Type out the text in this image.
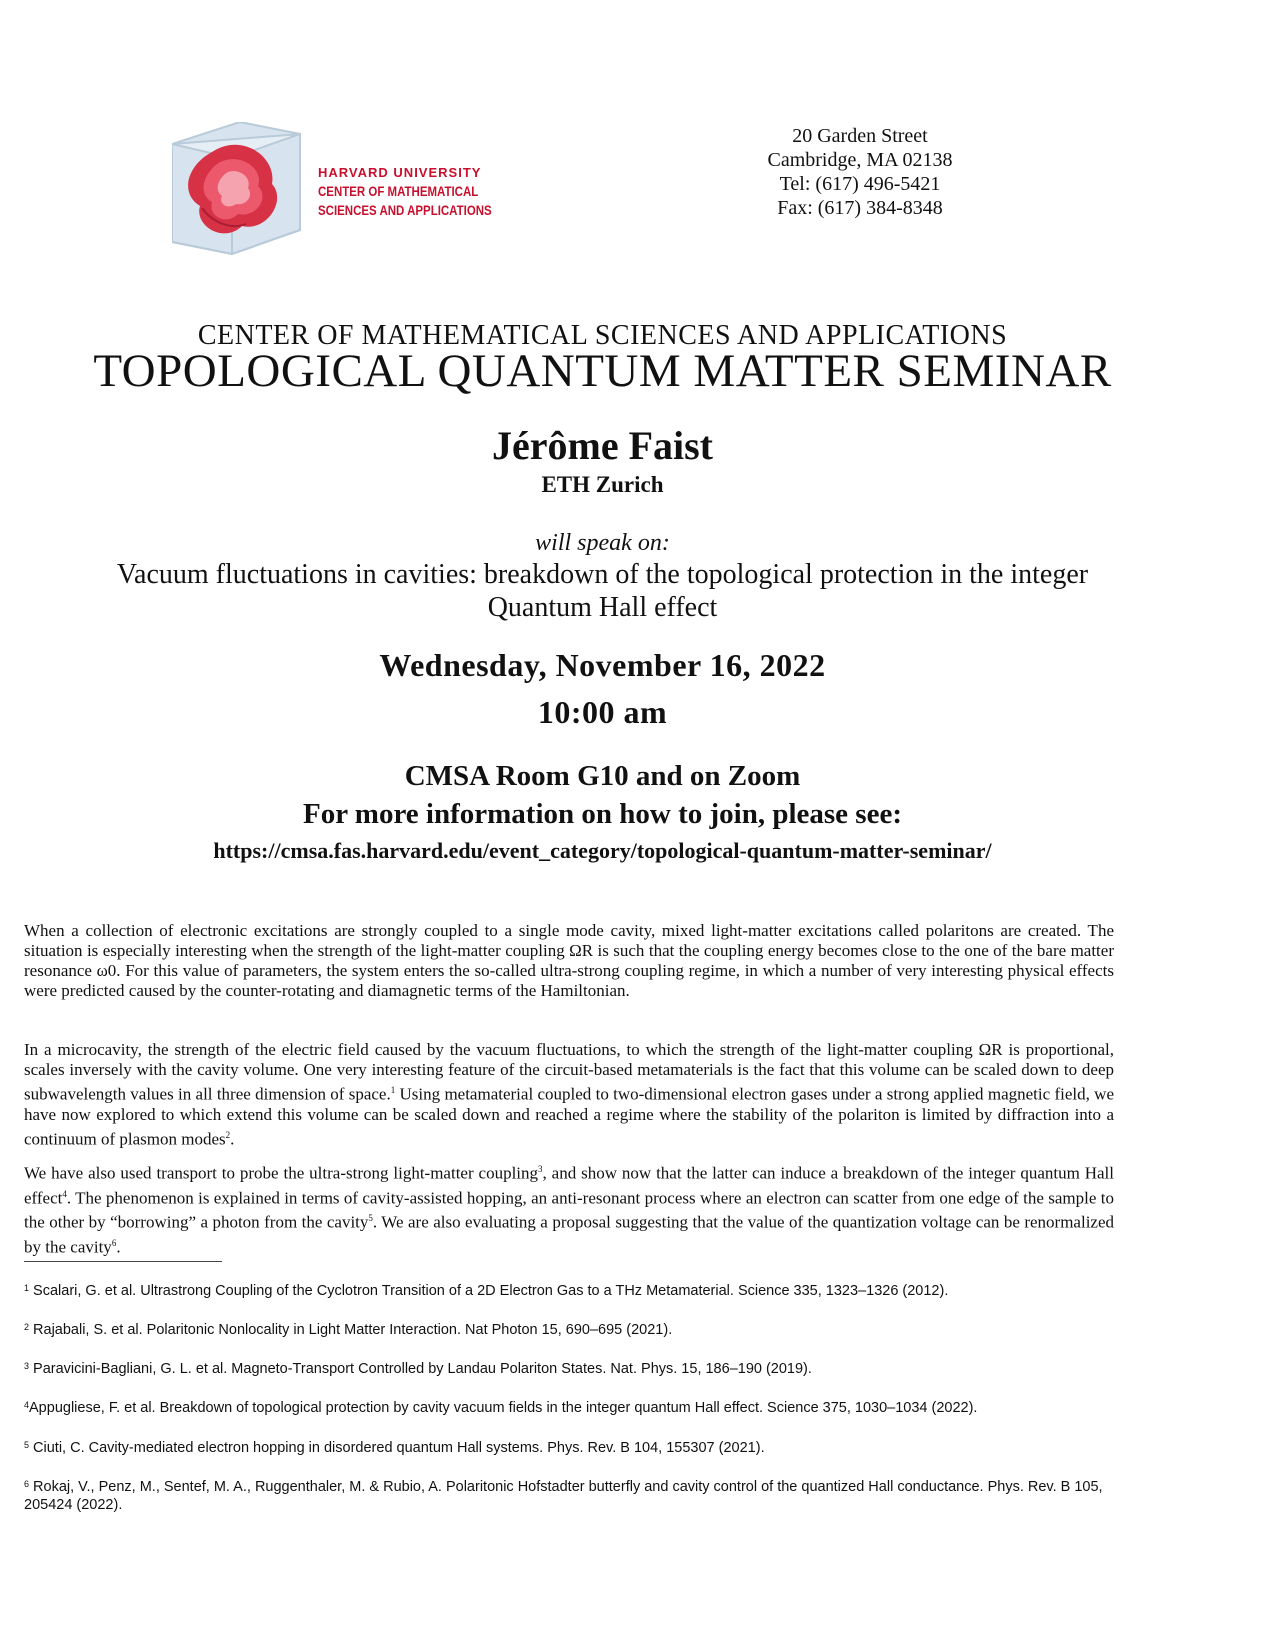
HARVARD UNIVERSITY
CENTER OF MATHEMATICAL
SCIENCES AND APPLICATIONS
20 Garden Street
Cambridge, MA 02138
Tel: (617) 496-5421
Fax: (617) 384-8348
CENTER OF MATHEMATICAL SCIENCES AND APPLICATIONS
TOPOLOGICAL QUANTUM MATTER SEMINAR
Jérôme Faist
ETH Zurich
will speak on:
Vacuum fluctuations in cavities: breakdown of the topological protection in the integer Quantum Hall effect
Wednesday, November 16, 2022
10:00 am
CMSA Room G10 and on Zoom
For more information on how to join, please see:
https://cmsa.fas.harvard.edu/event_category/topological-quantum-matter-seminar/
When a collection of electronic excitations are strongly coupled to a single mode cavity, mixed light-matter excitations called polaritons are created. The situation is especially interesting when the strength of the light-matter coupling ΩR is such that the coupling energy becomes close to the one of the bare matter resonance ω0. For this value of parameters, the system enters the so-called ultra-strong coupling regime, in which a number of very interesting physical effects were predicted caused by the counter-rotating and diamagnetic terms of the Hamiltonian.
In a microcavity, the strength of the electric field caused by the vacuum fluctuations, to which the strength of the light-matter coupling ΩR is proportional, scales inversely with the cavity volume. One very interesting feature of the circuit-based metamaterials is the fact that this volume can be scaled down to deep subwavelength values in all three dimension of space.$^1$ Using metamaterial coupled to two-dimensional electron gases under a strong applied magnetic field, we have now explored to which extend this volume can be scaled down and reached a regime where the stability of the polariton is limited by diffraction into a continuum of plasmon modes$^2$.
We have also used transport to probe the ultra-strong light-matter coupling$^3$, and show now that the latter can induce a breakdown of the integer quantum Hall effect$^4$. The phenomenon is explained in terms of cavity-assisted hopping, an anti-resonant process where an electron can scatter from one edge of the sample to the other by “borrowing” a photon from the cavity$^5$. We are also evaluating a proposal suggesting that the value of the quantization voltage can be renormalized by the cavity$^6$.
$^1$ Scalari, G. et al. Ultrastrong Coupling of the Cyclotron Transition of a 2D Electron Gas to a THz Metamaterial. Science 335, 1323–1326 (2012).
$^2$ Rajabali, S. et al. Polaritonic Nonlocality in Light Matter Interaction. Nat Photon 15, 690–695 (2021).
$^3$ Paravicini-Bagliani, G. L. et al. Magneto-Transport Controlled by Landau Polariton States. Nat. Phys. 15, 186–190 (2019).
$^4$Appugliese, F. et al. Breakdown of topological protection by cavity vacuum fields in the integer quantum Hall effect. Science 375, 1030–1034 (2022).
$^5$ Ciuti, C. Cavity-mediated electron hopping in disordered quantum Hall systems. Phys. Rev. B 104, 155307 (2021).
$^6$ Rokaj, V., Penz, M., Sentef, M. A., Ruggenthaler, M. & Rubio, A. Polaritonic Hofstadter butterfly and cavity control of the quantized Hall conductance. Phys. Rev. B 105, 205424 (2022).
